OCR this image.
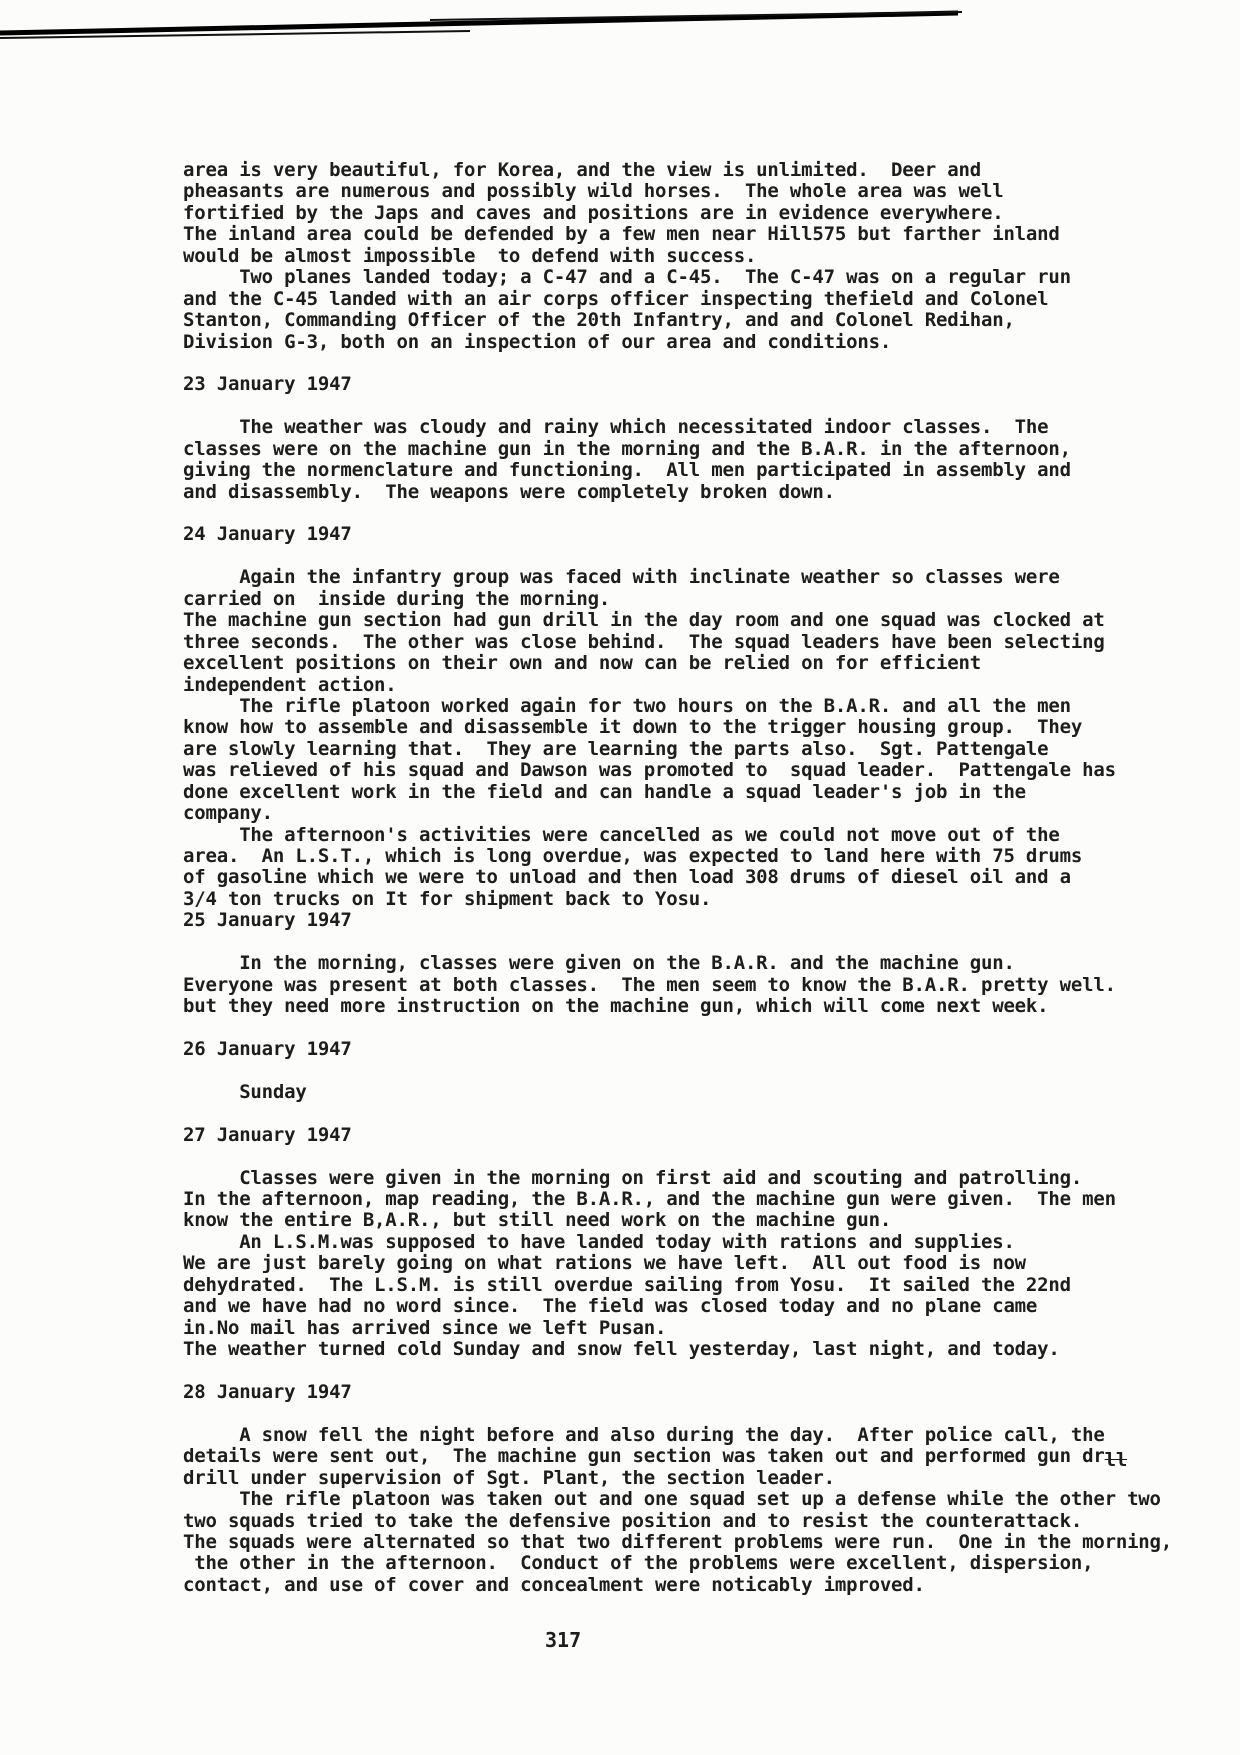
area is very beautiful, for Korea, and the view is unlimited.  Deer and
pheasants are numerous and possibly wild horses.  The whole area was well
fortified by the Japs and caves and positions are in evidence everywhere.
The inland area could be defended by a few men near Hill575 but farther inland
would be almost impossible  to defend with success.
Two planes landed today; a C-47 and a C-45.  The C-47 was on a regular run
and the C-45 landed with an air corps officer inspecting thefield and Colonel
Stanton, Commanding Officer of the 20th Infantry, and and Colonel Redihan,
Division G-3, both on an inspection of our area and conditions.
23 January 1947
The weather was cloudy and rainy which necessitated indoor classes.  The
classes were on the machine gun in the morning and the B.A.R. in the afternoon,
giving the normenclature and functioning.  All men participated in assembly and
and disassembly.  The weapons were completely broken down.
24 January 1947
Again the infantry group was faced with inclinate weather so classes were
carried on  inside during the morning.
The machine gun section had gun drill in the day room and one squad was clocked at
three seconds.  The other was close behind.  The squad leaders have been selecting
excellent positions on their own and now can be relied on for efficient
independent action.
The rifle platoon worked again for two hours on the B.A.R. and all the men
know how to assemble and disassemble it down to the trigger housing group.  They
are slowly learning that.  They are learning the parts also.  Sgt. Pattengale
was relieved of his squad and Dawson was promoted to  squad leader.  Pattengale has
done excellent work in the field and can handle a squad leader's job in the
company.
The afternoon's activities were cancelled as we could not move out of the
area.  An L.S.T., which is long overdue, was expected to land here with 75 drums
of gasoline which we were to unload and then load 308 drums of diesel oil and a
3/4 ton trucks on It for shipment back to Yosu.
25 January 1947
In the morning, classes were given on the B.A.R. and the machine gun.
Everyone was present at both classes.  The men seem to know the B.A.R. pretty well.
but they need more instruction on the machine gun, which will come next week.
26 January 1947
Sunday
27 January 1947
Classes were given in the morning on first aid and scouting and patrolling.
In the afternoon, map reading, the B.A.R., and the machine gun were given.  The men
know the entire B,A.R., but still need work on the machine gun.
An L.S.M.was supposed to have landed today with rations and supplies.
We are just barely going on what rations we have left.  All out food is now
dehydrated.  The L.S.M. is still overdue sailing from Yosu.  It sailed the 22nd
and we have had no word since.  The field was closed today and no plane came
in.No mail has arrived since we left Pusan.
The weather turned cold Sunday and snow fell yesterday, last night, and today.
28 January 1947
A snow fell the night before and also during the day.  After police call, the
details were sent out,  The machine gun section was taken out and performed gun drll
drill under supervision of Sgt. Plant, the section leader.
The rifle platoon was taken out and one squad set up a defense while the other two
two squads tried to take the defensive position and to resist the counterattack.
The squads were alternated so that two different problems were run.  One in the morning,
the other in the afternoon.  Conduct of the problems were excellent, dispersion,
contact, and use of cover and concealment were noticably improved.
317
